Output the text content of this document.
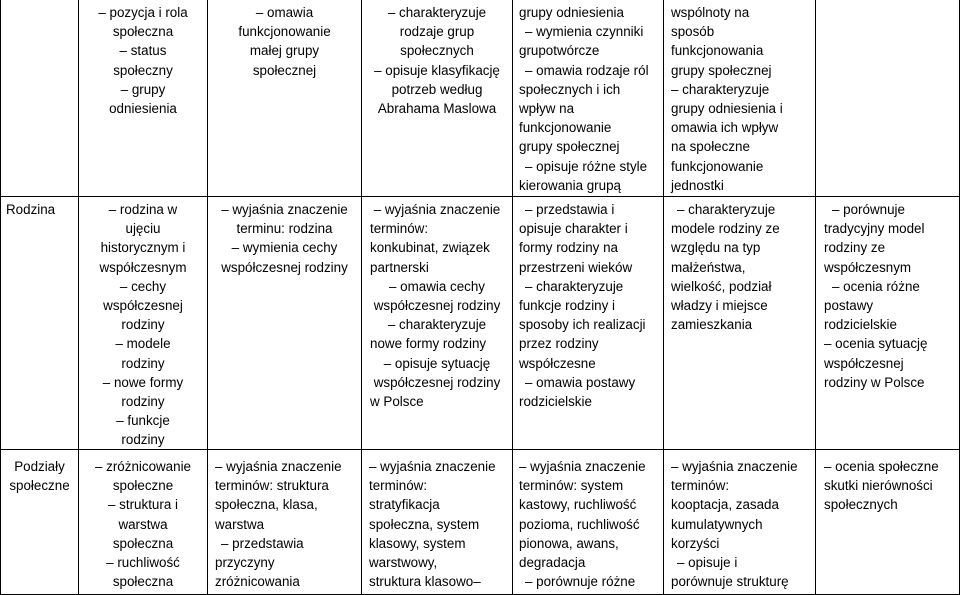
– pozycja i rola
społeczna
– status
społeczny
– grupy
odniesienia
– omawia
funkcjonowanie
małej grupy
społecznej
– charakteryzuje
rodzaje grup
społecznych
– opisuje klasyfikację
potrzeb według
Abrahama Maslowa
grupy odniesienia
– wymienia czynniki
grupotwórcze
– omawia rodzaje ról
społecznych i ich
wpływ na
funkcjonowanie
grupy społecznej
– opisuje różne style
kierowania grupą
wspólnoty na
sposób
funkcjonowania
grupy społecznej
– charakteryzuje
grupy odniesienia i
omawia ich wpływ
na społeczne
funkcjonowanie
jednostki
Rodzina	– rodzina w
ujęciu
historycznym i
współczesnym
– cechy
współczesnej
rodziny
– modele
rodziny
– nowe formy
rodziny
– funkcje
rodziny
– wyjaśnia znaczenie
terminu: rodzina
– wymienia cechy
współczesnej rodziny
– wyjaśnia znaczenie
terminów:
konkubinat, związek
partnerski
– omawia cechy
współczesnej rodziny
– charakteryzuje
nowe formy rodziny
– opisuje sytuację
współczesnej rodziny
w Polsce
– przedstawia i
opisuje charakter i
formy rodziny na
przestrzeni wieków
– charakteryzuje
funkcje rodziny i
sposoby ich realizacji
przez rodziny
współczesne
– omawia postawy
rodzicielskie
– charakteryzuje
modele rodziny ze
względu na typ
małżeństwa,
wielkość, podział
władzy i miejsce
zamieszkania
– porównuje
tradycyjny model
rodziny ze
współczesnym
– ocenia różne
postawy
rodzicielskie
– ocenia sytuację
współczesnej
rodziny w Polsce
Podziały
społeczne
– zróżnicowanie
społeczne
– struktura i
warstwa
społeczna
– ruchliwość
społeczna
– wyjaśnia znaczenie
terminów: struktura
społeczna, klasa,
warstwa
– przedstawia
przyczyny
zróżnicowania
– wyjaśnia znaczenie
terminów:
stratyfikacja
społeczna, system
klasowy, system
warstwowy,
struktura klasowo–
– wyjaśnia znaczenie
terminów: system
kastowy, ruchliwość
pozioma, ruchliwość
pionowa, awans,
degradacja
– porównuje różne
– wyjaśnia znaczenie
terminów:
kooptacja, zasada
kumulatywnych
korzyści
– opisuje i
porównuje strukturę
– ocenia społeczne
skutki nierówności
społecznych
